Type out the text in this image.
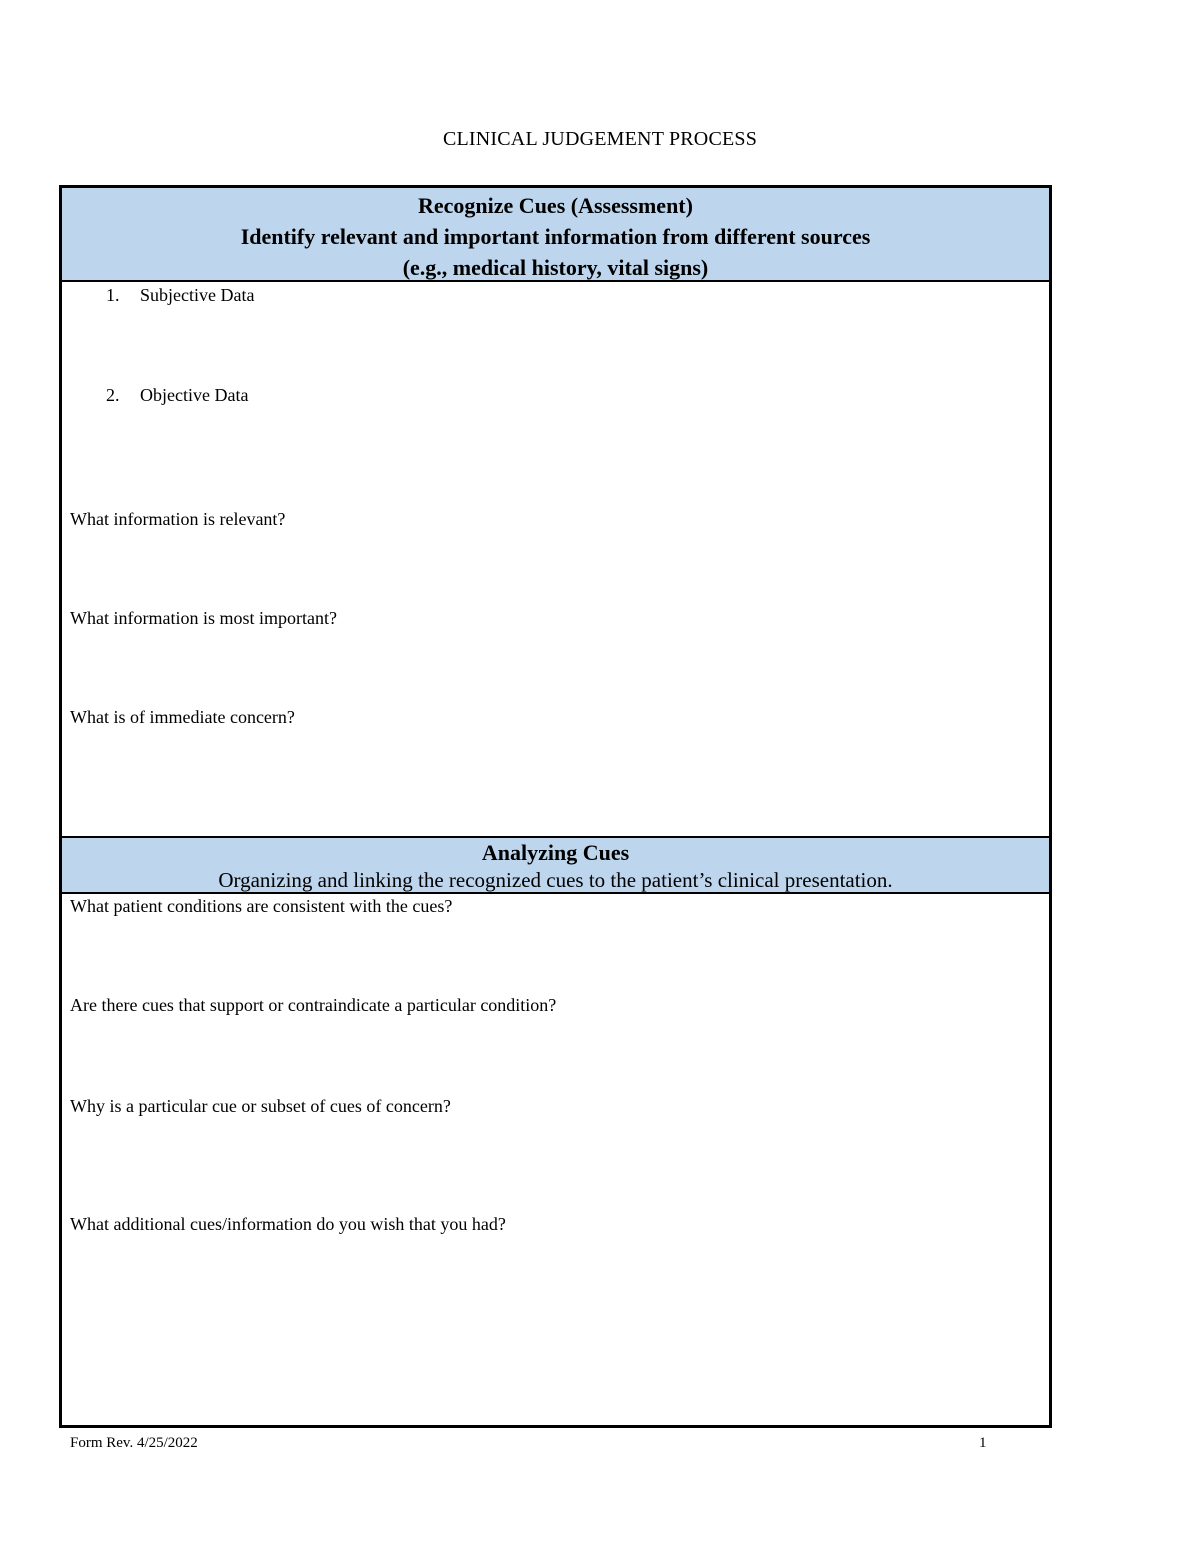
CLINICAL JUDGEMENT PROCESS
Recognize Cues (Assessment)
Identify relevant and important information from different sources
(e.g., medical history, vital signs)
1. Subjective Data
2. Objective Data
What information is relevant?
What information is most important?
What is of immediate concern?
Analyzing Cues
Organizing and linking the recognized cues to the patient’s clinical presentation.
What patient conditions are consistent with the cues?
Are there cues that support or contraindicate a particular condition?
Why is a particular cue or subset of cues of concern?
What additional cues/information do you wish that you had?
Form Rev. 4/25/2022	1
